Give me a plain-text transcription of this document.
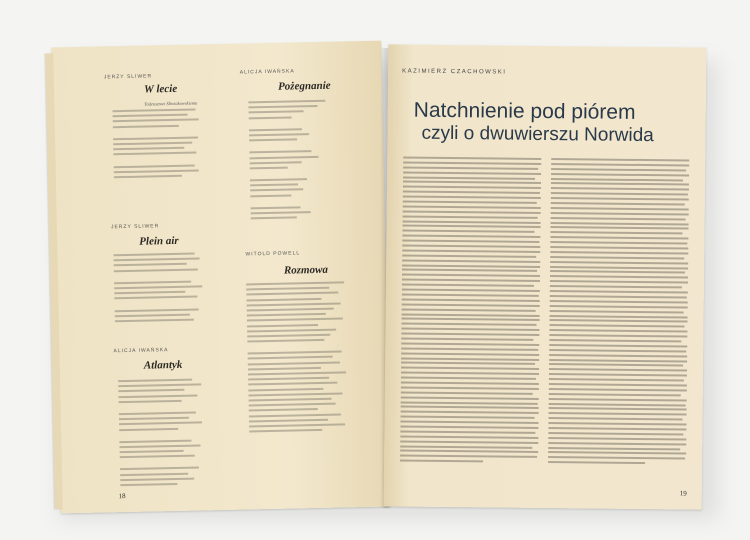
JERZY SLIWER
W lecie
Tadeuszowi Śliwiakowskiemu
ALICJA IWAŃSKA
Pożegnanie
JERZY SLIWER
Plein air
WITOLD POWELL
Rozmowa
ALICJA IWAŃSKA
Atlantyk
18
KAZIMIERZ CZACHOWSKI
Natchnienie pod piórem
czyli o dwuwierszu Norwida
19
